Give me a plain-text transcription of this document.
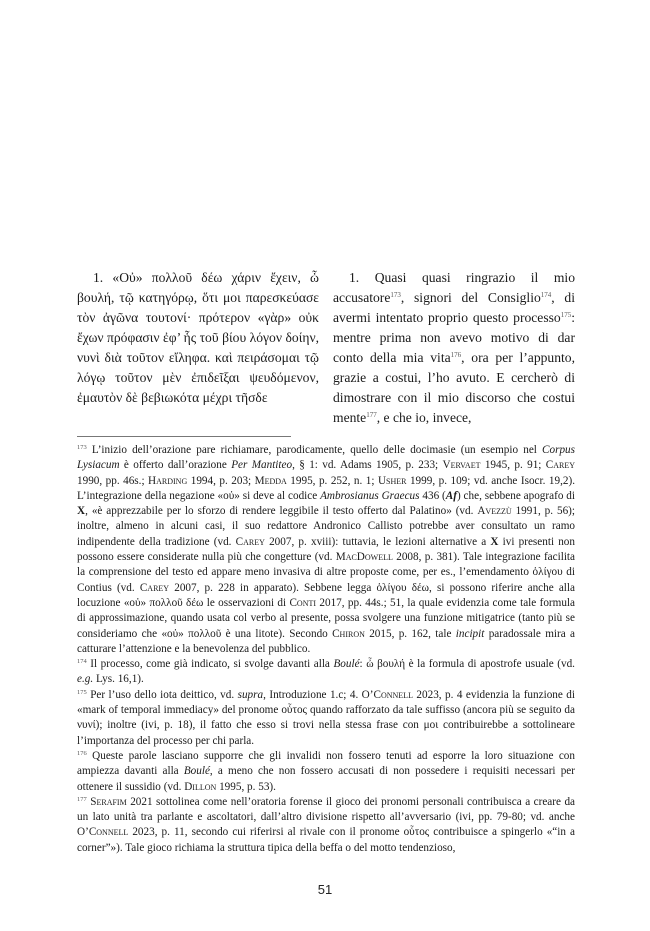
1. «Οὐ» πολλοῦ δέω χάριν ἔχειν, ὦ βουλή, τῷ κατηγόρῳ, ὅτι μοι παρεσκεύασε τὸν ἀγῶνα τουτονί· πρότερον «γὰρ» οὐκ ἔχων πρόφασιν ἐφ’ ἧς τοῦ βίου λόγον δοίην, νυνὶ διὰ τοῦτον εἴληφα. καὶ πειράσομαι τῷ λόγῳ τοῦτον μὲν ἐπιδεῖξαι ψευδόμενον, ἐμαυτὸν δὲ βεβιωκότα μέχρι τῆσδε

1. Quasi quasi ringrazio il mio accusatore$^{173}$, signori del Consiglio$^{174}$, di avermi intentato proprio questo processo$^{175}$: mentre prima non avevo motivo di dar conto della mia vita$^{176}$, ora per l’appunto, grazie a costui, l’ho avuto. E cercherò di dimostrare con il mio discorso che costui mente$^{177}$, e che io, invece,

$^{173}$ L’inizio dell’orazione pare richiamare, parodicamente, quello delle docimasie (un esempio nel Corpus Lysiacum è offerto dall’orazione Per Mantiteo, § 1: vd. Adams 1905, p. 233; Vervaet 1945, p. 91; Carey 1990, pp. 46s.; Harding 1994, p. 203; Medda 1995, p. 252, n. 1; Usher 1999, p. 109; vd. anche Isocr. 19,2). L’integrazione della negazione «οὐ» si deve al codice Ambrosianus Graecus 436 (Af) che, sebbene apografo di X, «è apprezzabile per lo sforzo di rendere leggibile il testo offerto dal Palatino» (vd. Avezzù 1991, p. 56); inoltre, almeno in alcuni casi, il suo redattore Andronico Callisto potrebbe aver consultato un ramo indipendente della tradizione (vd. Carey 2007, p. xviii): tuttavia, le lezioni alternative a X ivi presenti non possono essere considerate nulla più che congetture (vd. MacDowell 2008, p. 381). Tale integrazione facilita la comprensione del testo ed appare meno invasiva di altre proposte come, per es., l’emendamento ὀλίγου di Contius (vd. Carey 2007, p. 228 in apparato). Sebbene legga ὀλίγου δέω, si possono riferire anche alla locuzione «οὐ» πολλοῦ δέω le osservazioni di Conti 2017, pp. 44s.; 51, la quale evidenzia come tale formula di approssimazione, quando usata col verbo al presente, possa svolgere una funzione mitigatrice (tanto più se consideriamo che «οὐ» πολλοῦ è una litote). Secondo Chiron 2015, p. 162, tale incipit paradossale mira a catturare l’attenzione e la benevolenza del pubblico.

$^{174}$ Il processo, come già indicato, si svolge davanti alla Boulé: ὦ βουλή è la formula di apostrofe usuale (vd. e.g. Lys. 16,1).

$^{175}$ Per l’uso dello iota deittico, vd. supra, Introduzione 1.c; 4. O’Connell 2023, p. 4 evidenzia la funzione di «mark of temporal immediacy» del pronome οὗτος quando rafforzato da tale suffisso (ancora più se seguito da νυνί); inoltre (ivi, p. 18), il fatto che esso si trovi nella stessa frase con μοι contribuirebbe a sottolineare l’importanza del processo per chi parla.

$^{176}$ Queste parole lasciano supporre che gli invalidi non fossero tenuti ad esporre la loro situazione con ampiezza davanti alla Boulé, a meno che non fossero accusati di non possedere i requisiti necessari per ottenere il sussidio (vd. Dillon 1995, p. 53).

$^{177}$ Serafim 2021 sottolinea come nell’oratoria forense il gioco dei pronomi personali contribuisca a creare da un lato unità tra parlante e ascoltatori, dall’altro divisione rispetto all’avversario (ivi, pp. 79-80; vd. anche O’Connell 2023, p. 11, secondo cui riferirsi al rivale con il pronome οὗτος contribuisce a spingerlo «“in a corner”»). Tale gioco richiama la struttura tipica della beffa o del motto tendenzioso,

51
